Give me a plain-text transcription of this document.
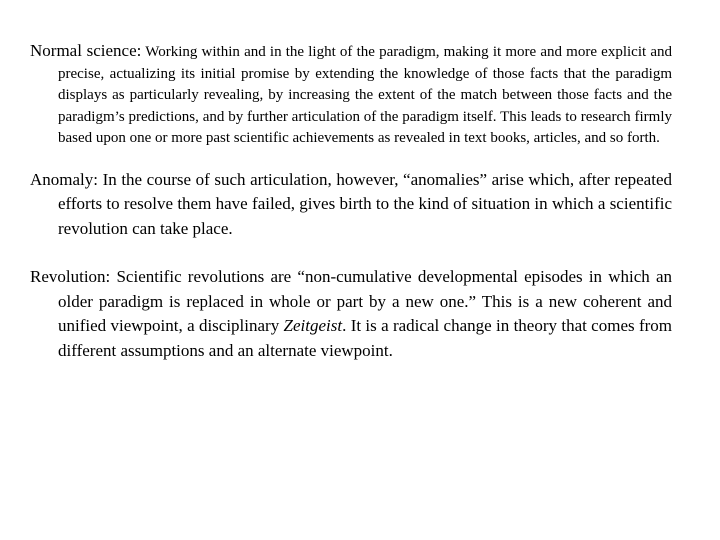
Normal science: Working within and in the light of the paradigm, making it more and more explicit and precise, actualizing its initial promise by extending the knowledge of those facts that the paradigm displays as particularly revealing, by increasing the extent of the match between those facts and the paradigm’s predictions, and by further articulation of the paradigm itself. This leads to research firmly based upon one or more past scientific achievements as revealed in text books, articles, and so forth.

Anomaly: In the course of such articulation, however, “anomalies” arise which, after repeated efforts to resolve them have failed, gives birth to the kind of situation in which a scientific revolution can take place.

Revolution: Scientific revolutions are “non-cumulative developmental episodes in which an older paradigm is replaced in whole or part by a new one.” This is a new coherent and unified viewpoint, a disciplinary Zeitgeist. It is a radical change in theory that comes from different assumptions and an alternate viewpoint.
